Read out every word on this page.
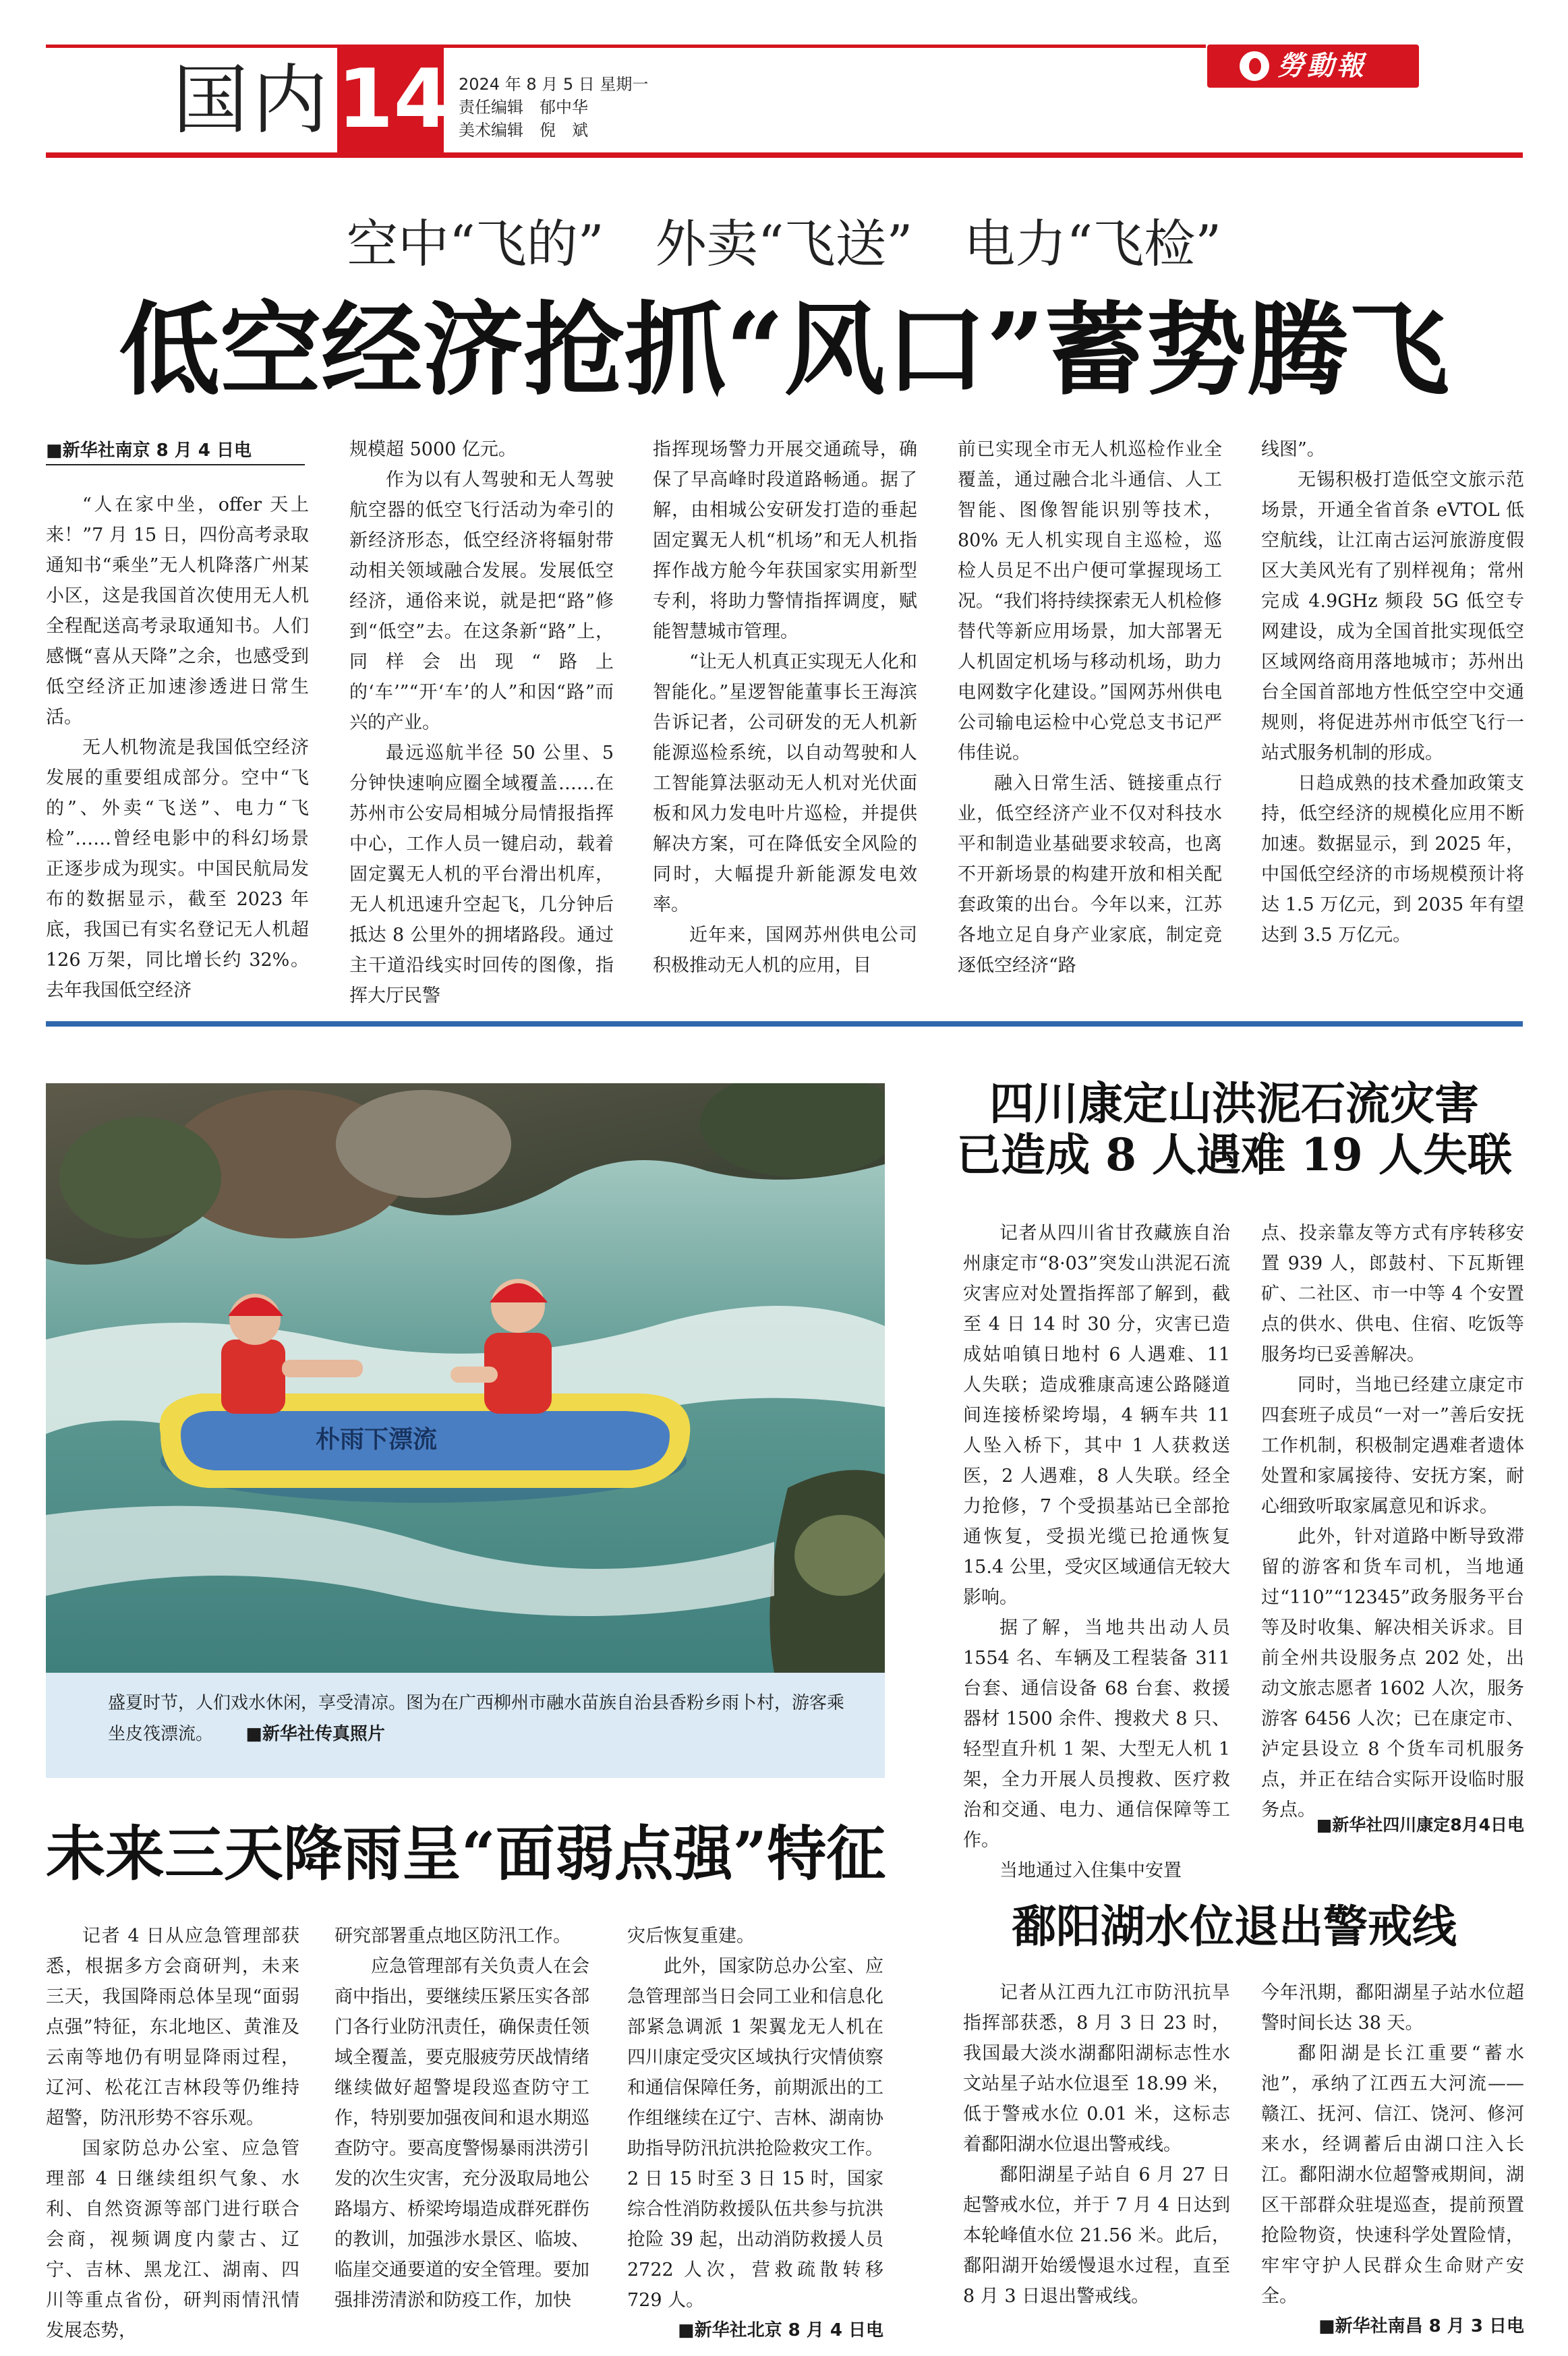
国内 14 2024 年 8 月 5 日 星期一
责任编辑　郁中华
美术编辑　倪　斌
勞動報
空中“飞的”　外卖“飞送”　电力“飞检”
低空经济抢抓“风口”蓄势腾飞
■新华社南京 8 月 4 日电

“人在家中坐，offer 天上来！”7 月 15 日，四份高考录取通知书“乘坐”无人机降落广州某小区，这是我国首次使用无人机全程配送高考录取通知书。人们感慨“喜从天降”之余，也感受到低空经济正加速渗透进日常生活。

无人机物流是我国低空经济发展的重要组成部分。空中“飞的”、外卖“飞送”、电力“飞检”……曾经电影中的科幻场景正逐步成为现实。中国民航局发布的数据显示，截至 2023 年底，我国已有实名登记无人机超 126 万架，同比增长约 32%。去年我国低空经济

规模超 5000 亿元。

作为以有人驾驶和无人驾驶航空器的低空飞行活动为牵引的新经济形态，低空经济将辐射带动相关领域融合发展。发展低空经济，通俗来说，就是把“路”修到“低空”去。在这条新“路”上，同样会出现“路上的‘车’”“开‘车’的人”和因“路”而兴的产业。

最远巡航半径 50 公里、5 分钟快速响应圈全域覆盖……在苏州市公安局相城分局情报指挥中心，工作人员一键启动，载着固定翼无人机的平台滑出机库，无人机迅速升空起飞，几分钟后抵达 8 公里外的拥堵路段。通过主干道沿线实时回传的图像，指挥大厅民警

指挥现场警力开展交通疏导，确保了早高峰时段道路畅通。据了解，由相城公安研发打造的垂起固定翼无人机“机场”和无人机指挥作战方舱今年获国家实用新型专利，将助力警情指挥调度，赋能智慧城市管理。

“让无人机真正实现无人化和智能化。”星逻智能董事长王海滨告诉记者，公司研发的无人机新能源巡检系统，以自动驾驶和人工智能算法驱动无人机对光伏面板和风力发电叶片巡检，并提供解决方案，可在降低安全风险的同时，大幅提升新能源发电效率。

近年来，国网苏州供电公司积极推动无人机的应用，目

前已实现全市无人机巡检作业全覆盖，通过融合北斗通信、人工智能、图像智能识别等技术，80% 无人机实现自主巡检，巡检人员足不出户便可掌握现场工况。“我们将持续探索无人机检修替代等新应用场景，加大部署无人机固定机场与移动机场，助力电网数字化建设。”国网苏州供电公司输电运检中心党总支书记严伟佳说。

融入日常生活、链接重点行业，低空经济产业不仅对科技水平和制造业基础要求较高，也离不开新场景的构建开放和相关配套政策的出台。今年以来，江苏各地立足自身产业家底，制定竞逐低空经济“路

线图”。

无锡积极打造低空文旅示范场景，开通全省首条 eVTOL 低空航线，让江南古运河旅游度假区大美风光有了别样视角；常州完成 4.9GHz 频段 5G 低空专网建设，成为全国首批实现低空区域网络商用落地城市；苏州出台全国首部地方性低空空中交通规则，将促进苏州市低空飞行一站式服务机制的形成。

日趋成熟的技术叠加政策支持，低空经济的规模化应用不断加速。数据显示，到 2025 年，中国低空经济的市场规模预计将达 1.5 万亿元，到 2035 年有望达到 3.5 万亿元。

朴雨下漂流
盛夏时节，人们戏水休闲，享受清凉。图为在广西柳州市融水苗族自治县香粉乡雨卜村，游客乘坐皮筏漂流。 ■新华社传真照片
未来三天降雨呈“面弱点强”特征

记者 4 日从应急管理部获悉，根据多方会商研判，未来三天，我国降雨总体呈现“面弱点强”特征，东北地区、黄淮及云南等地仍有明显降雨过程，辽河、松花江吉林段等仍维持超警，防汛形势不容乐观。

国家防总办公室、应急管理部 4 日继续组织气象、水利、自然资源等部门进行联合会商，视频调度内蒙古、辽宁、吉林、黑龙江、湖南、四川等重点省份，研判雨情汛情发展态势，

研究部署重点地区防汛工作。

应急管理部有关负责人在会商中指出，要继续压紧压实各部门各行业防汛责任，确保责任领域全覆盖，要克服疲劳厌战情绪继续做好超警堤段巡查防守工作，特别要加强夜间和退水期巡查防守。要高度警惕暴雨洪涝引发的次生灾害，充分汲取局地公路塌方、桥梁垮塌造成群死群伤的教训，加强涉水景区、临坡、临崖交通要道的安全管理。要加强排涝清淤和防疫工作，加快

灾后恢复重建。

此外，国家防总办公室、应急管理部当日会同工业和信息化部紧急调派 1 架翼龙无人机在四川康定受灾区域执行灾情侦察和通信保障任务，前期派出的工作组继续在辽宁、吉林、湖南协助指导防汛抗洪抢险救灾工作。2 日 15 时至 3 日 15 时，国家综合性消防救援队伍共参与抗洪抢险 39 起，出动消防救援人员 2722 人次，营救疏散转移 729 人。

■新华社北京 8 月 4 日电
四川康定山洪泥石流灾害
已造成 8 人遇难 19 人失联

记者从四川省甘孜藏族自治州康定市“8·03”突发山洪泥石流灾害应对处置指挥部了解到，截至 4 日 14 时 30 分，灾害已造成姑咱镇日地村 6 人遇难、11 人失联；造成雅康高速公路隧道间连接桥梁垮塌，4 辆车共 11 人坠入桥下，其中 1 人获救送医，2 人遇难，8 人失联。经全力抢修，7 个受损基站已全部抢通恢复，受损光缆已抢通恢复 15.4 公里，受灾区域通信无较大影响。

据了解，当地共出动人员 1554 名、车辆及工程装备 311 台套、通信设备 68 台套、救援器材 1500 余件、搜救犬 8 只、轻型直升机 1 架、大型无人机 1 架，全力开展人员搜救、医疗救治和交通、电力、通信保障等工作。

当地通过入住集中安置

点、投亲靠友等方式有序转移安置 939 人，郎鼓村、下瓦斯锂矿、二社区、市一中等 4 个安置点的供水、供电、住宿、吃饭等服务均已妥善解决。

同时，当地已经建立康定市四套班子成员“一对一”善后安抚工作机制，积极制定遇难者遗体处置和家属接待、安抚方案，耐心细致听取家属意见和诉求。

此外，针对道路中断导致滞留的游客和货车司机，当地通过“110”“12345”政务服务平台等及时收集、解决相关诉求。目前全州共设服务点 202 处，出动文旅志愿者 1602 人次，服务游客 6456 人次；已在康定市、泸定县设立 8 个货车司机服务点，并正在结合实际开设临时服务点。

■新华社四川康定8月4日电
鄱阳湖水位退出警戒线

记者从江西九江市防汛抗旱指挥部获悉，8 月 3 日 23 时，我国最大淡水湖鄱阳湖标志性水文站星子站水位退至 18.99 米，低于警戒水位 0.01 米，这标志着鄱阳湖水位退出警戒线。

鄱阳湖星子站自 6 月 27 日起警戒水位，并于 7 月 4 日达到本轮峰值水位 21.56 米。此后，鄱阳湖开始缓慢退水过程，直至 8 月 3 日退出警戒线。

今年汛期，鄱阳湖星子站水位超警时间长达 38 天。

鄱阳湖是长江重要“蓄水池”，承纳了江西五大河流——赣江、抚河、信江、饶河、修河来水，经调蓄后由湖口注入长江。鄱阳湖水位超警戒期间，湖区干部群众驻堤巡查，提前预置抢险物资，快速科学处置险情，牢牢守护人民群众生命财产安全。

■新华社南昌 8 月 3 日电
